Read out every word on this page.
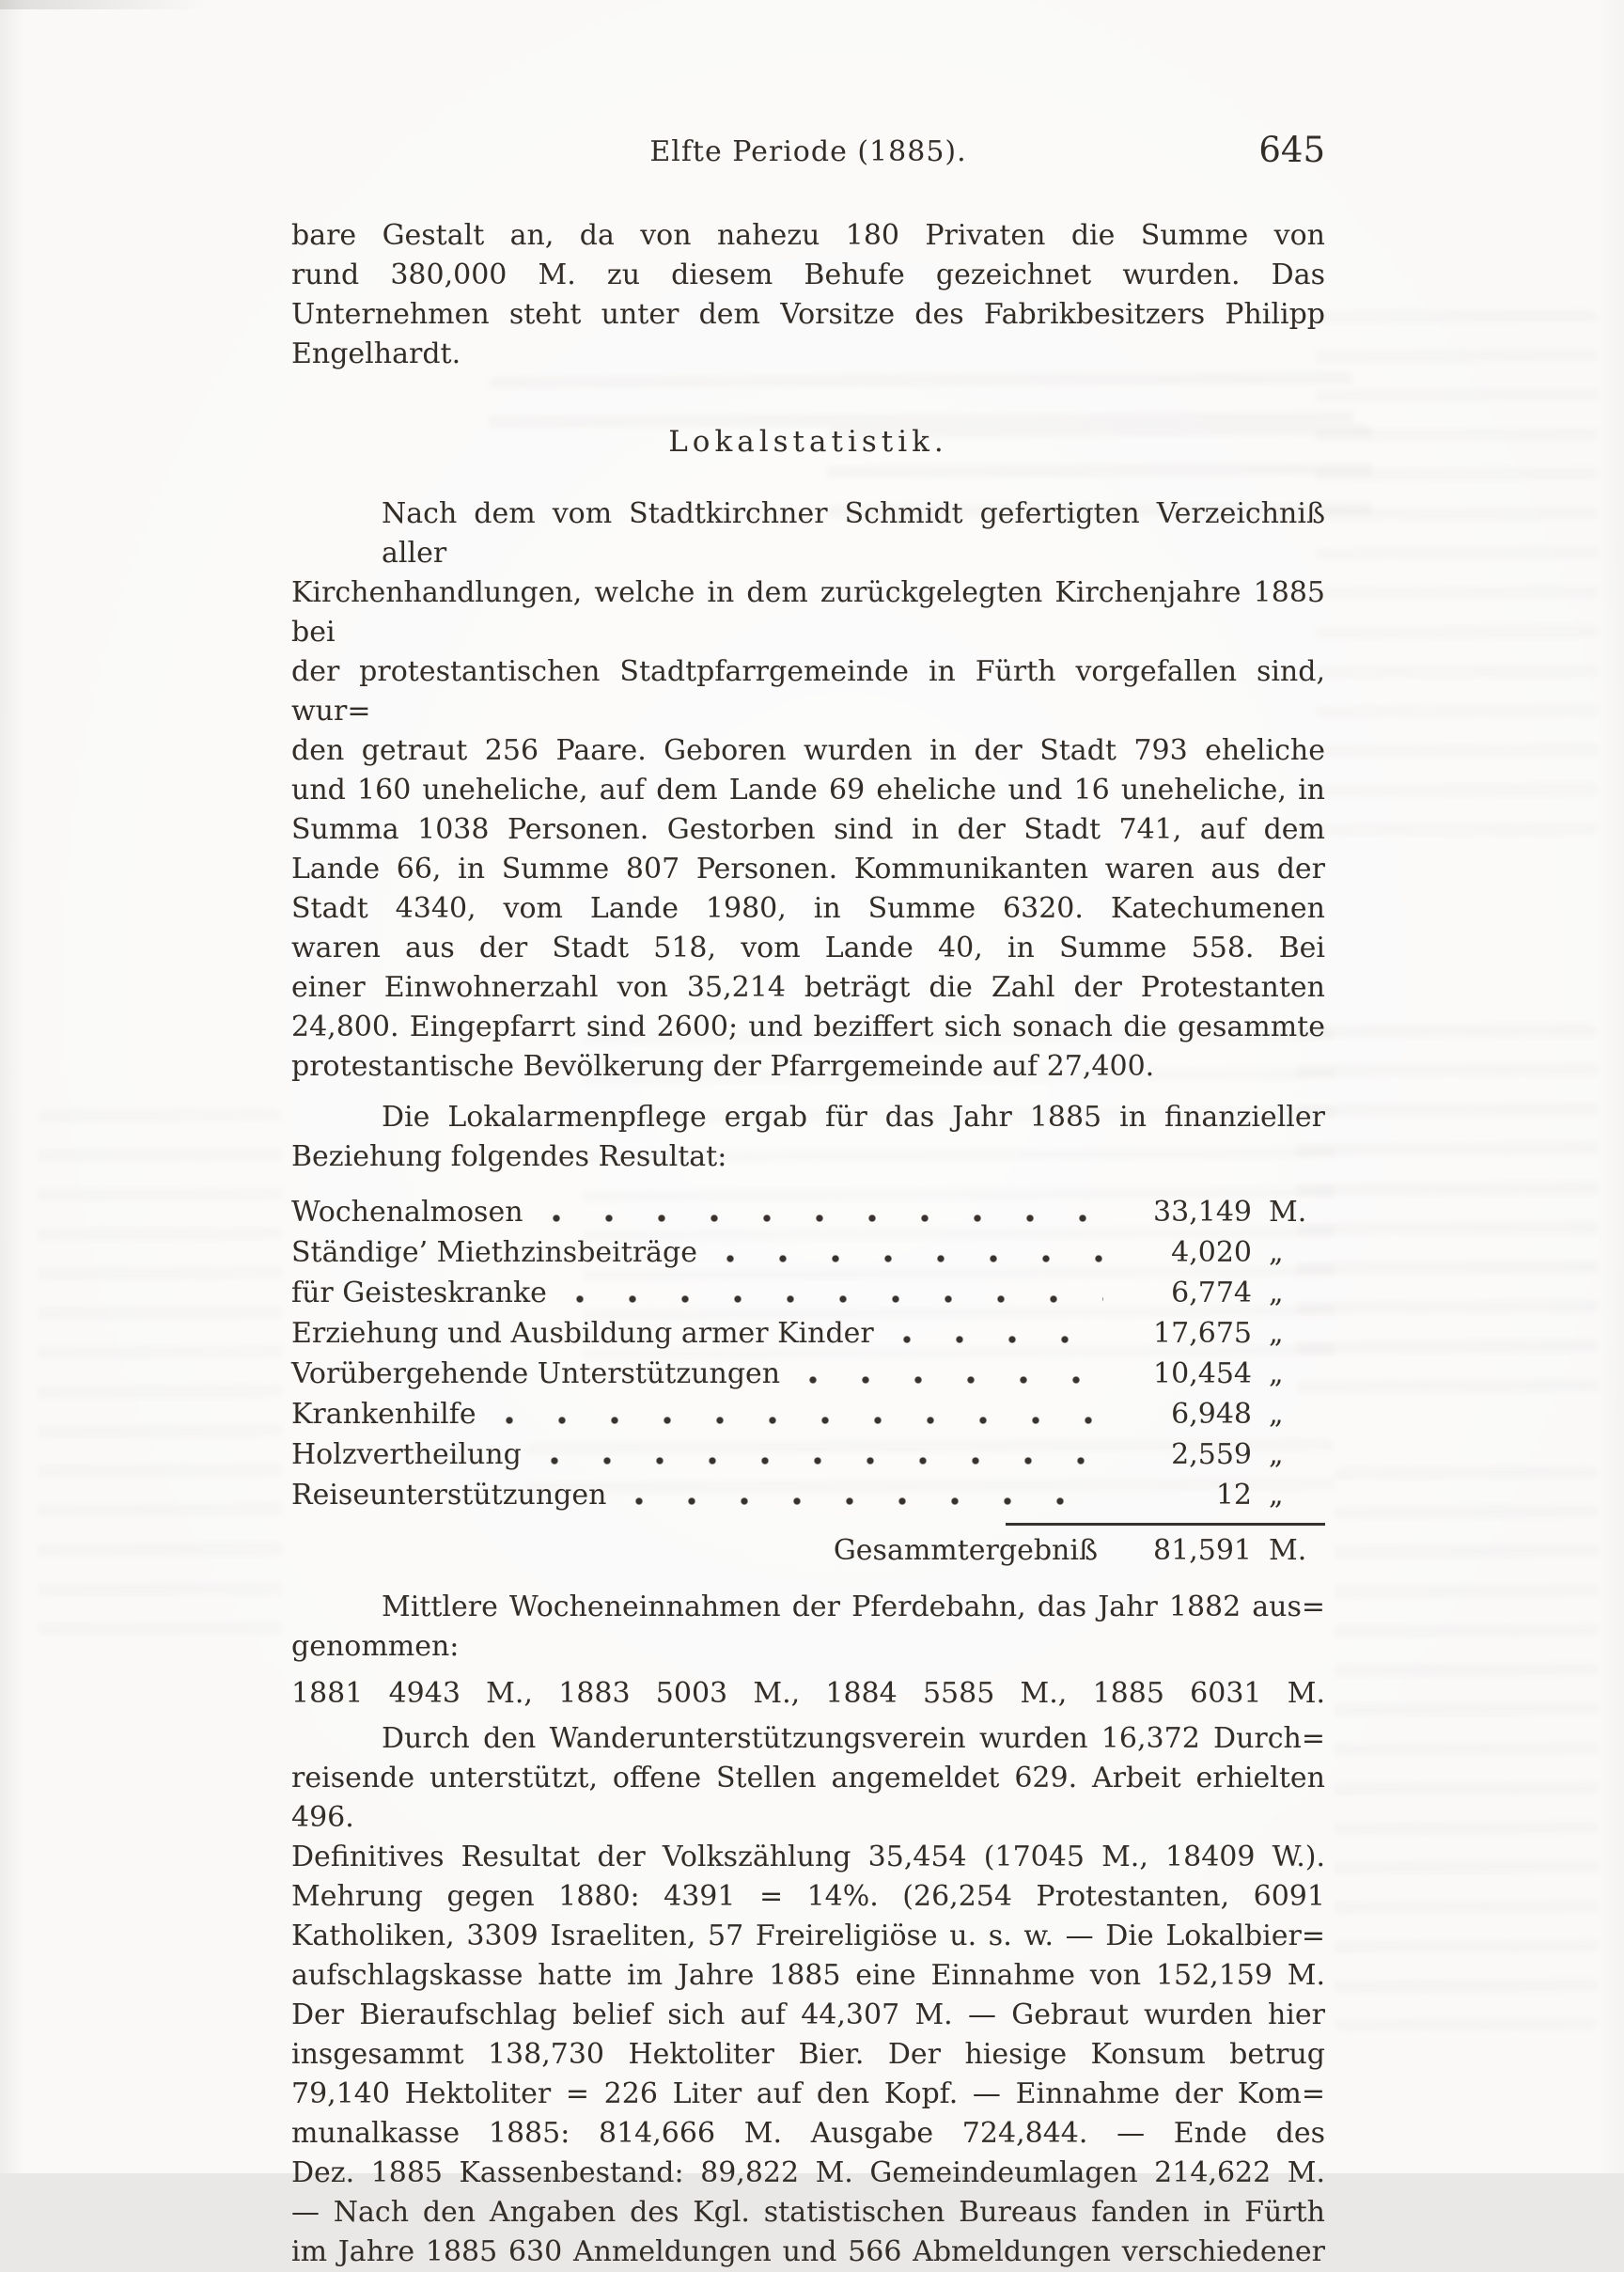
Elfte Periode (1885).	645
bare Gestalt an, da von nahezu 180 Privaten die Summe von
rund 380,000 M. zu diesem Behufe gezeichnet wurden. Das
Unternehmen steht unter dem Vorsitze des Fabrikbesitzers Philipp
Engelhardt.
Lokalstatistik.
Nach dem vom Stadtkirchner Schmidt gefertigten Verzeichniß aller
Kirchenhandlungen, welche in dem zurückgelegten Kirchenjahre 1885 bei
der protestantischen Stadtpfarrgemeinde in Fürth vorgefallen sind, wur=
den getraut 256 Paare. Geboren wurden in der Stadt 793 eheliche
und 160 uneheliche, auf dem Lande 69 eheliche und 16 uneheliche, in
Summa 1038 Personen. Gestorben sind in der Stadt 741, auf dem
Lande 66, in Summe 807 Personen. Kommunikanten waren aus der
Stadt 4340, vom Lande 1980, in Summe 6320. Katechumenen
waren aus der Stadt 518, vom Lande 40, in Summe 558. Bei
einer Einwohnerzahl von 35,214 beträgt die Zahl der Protestanten
24,800. Eingepfarrt sind 2600; und beziffert sich sonach die gesammte
protestantische Bevölkerung der Pfarrgemeinde auf 27,400.
Die Lokalarmenpflege ergab für das Jahr 1885 in finanzieller
Beziehung folgendes Resultat:
Wochenalmosen	33,149 M.
Ständige’ Miethzinsbeiträge	4,020 „
für Geisteskranke	6,774 „
Erziehung und Ausbildung armer Kinder	17,675 „
Vorübergehende Unterstützungen	10,454 „
Krankenhilfe	6,948 „
Holzvertheilung	2,559 „
Reiseunterstützungen	12 „
Gesammtergebniß	81,591 M.
Mittlere Wocheneinnahmen der Pferdebahn, das Jahr 1882 aus=
genommen:
1881 4943 M., 1883 5003 M., 1884 5585 M., 1885 6031 M.
Durch den Wanderunterstützungsverein wurden 16,372 Durch=
reisende unterstützt, offene Stellen angemeldet 629. Arbeit erhielten 496.
Definitives Resultat der Volkszählung 35,454 (17045 M., 18409 W.).
Mehrung gegen 1880: 4391 = 14%. (26,254 Protestanten, 6091
Katholiken, 3309 Israeliten, 57 Freireligiöse u. s. w. — Die Lokalbier=
aufschlagskasse hatte im Jahre 1885 eine Einnahme von 152,159 M.
Der Bieraufschlag belief sich auf 44,307 M. — Gebraut wurden hier
insgesammt 138,730 Hektoliter Bier. Der hiesige Konsum betrug
79,140 Hektoliter = 226 Liter auf den Kopf. — Einnahme der Kom=
munalkasse 1885: 814,666 M. Ausgabe 724,844. — Ende des
Dez. 1885 Kassenbestand: 89,822 M. Gemeindeumlagen 214,622 M.
— Nach den Angaben des Kgl. statistischen Bureaus fanden in Fürth
im Jahre 1885 630 Anmeldungen und 566 Abmeldungen verschiedener
